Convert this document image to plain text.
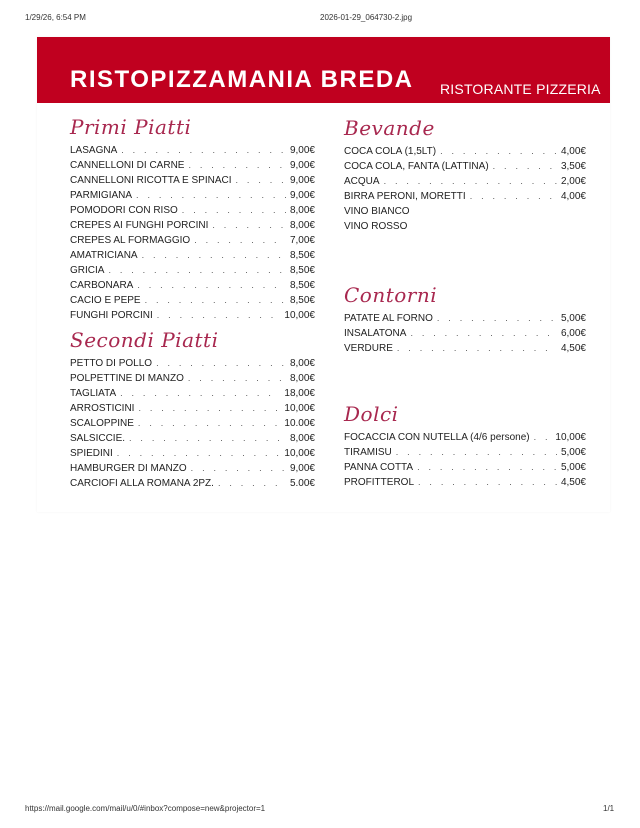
1/29/26, 6:54 PM	2026-01-29_064730-2.jpg
RISTOPIZZAMANIA BREDA RISTORANTE PIZZERIA
Primi Piatti
LASAGNA . . .	9,00€
CANNELLONI DI CARNE . . .	9,00€
CANNELLONI RICOTTA E SPINACI . . .	9,00€
PARMIGIANA . . .	9,00€
POMODORI CON RISO . . .	8,00€
CREPES AI FUNGHI PORCINI . . .	8,00€
CREPES AL FORMAGGIO . . .	7,00€
AMATRICIANA . . .	8,50€
GRICIA . . .	8,50€
CARBONARA . . .	8,50€
CACIO E PEPE . . .	8,50€
FUNGHI PORCINI . . .	10,00€
Secondi Piatti
PETTO DI POLLO . . .	8,00€
POLPETTINE DI MANZO . . .	8,00€
TAGLIATA . . .	18,00€
ARROSTICINI . . .	10,00€
SCALOPPINE . . .	10.00€
SALSICCIE. . . .	8,00€
SPIEDINI . . .	10,00€
HAMBURGER DI MANZO . . .	9,00€
CARCIOFI ALLA ROMANA 2PZ. . . .	5.00€
Bevande
COCA COLA (1,5LT) . . .	4,00€
COCA COLA, FANTA (LATTINA) . . .	3,50€
ACQUA . . .	2,00€
BIRRA PERONI, MORETTI . . .	4,00€
VINO BIANCO
VINO ROSSO
Contorni
PATATE AL FORNO . . .	5,00€
INSALATONA . . .	6,00€
VERDURE . . .	4,50€
Dolci
FOCACCIA CON NUTELLA (4/6 persone) . . .	10,00€
TIRAMISU . . .	5,00€
PANNA COTTA . . .	5,00€
PROFITTEROL . . .	4,50€
https://mail.google.com/mail/u/0/#inbox?compose=new&projector=1	1/1
